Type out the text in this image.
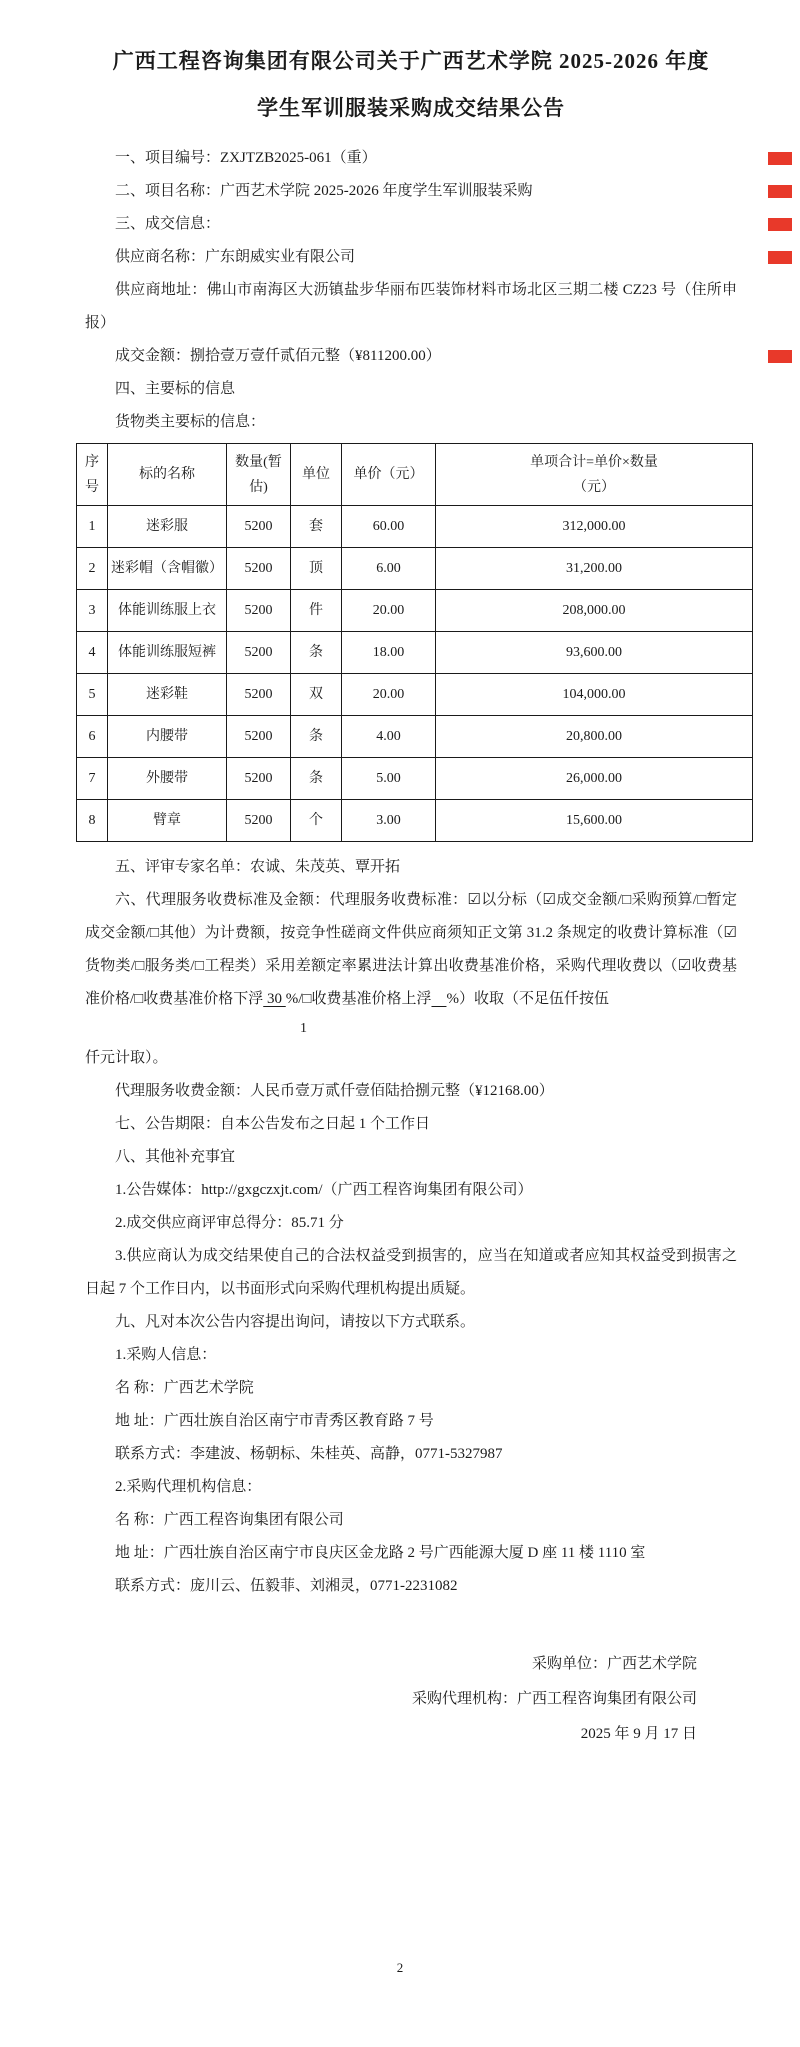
广西工程咨询集团有限公司关于广西艺术学院 2025-2026 年度
学生军训服装采购成交结果公告

一、项目编号：ZXJTZB2025-061（重）

二、项目名称：广西艺术学院 2025-2026 年度学生军训服装采购

三、成交信息：

供应商名称：广东朗威实业有限公司

供应商地址：佛山市南海区大沥镇盐步华丽布匹装饰材料市场北区三期二楼 CZ23 号（住所申报）

成交金额：捌拾壹万壹仟贰佰元整（¥811200.00）

四、主要标的信息

货物类主要标的信息：

序号	标的名称	数量(暂估)	单位	单价（元）	单项合计=单价×数量
（元）
1	迷彩服	5200	套	60.00	312,000.00
2	迷彩帽（含帽徽）	5200	顶	6.00	31,200.00
3	体能训练服上衣	5200	件	20.00	208,000.00
4	体能训练服短裤	5200	条	18.00	93,600.00
5	迷彩鞋	5200	双	20.00	104,000.00
6	内腰带	5200	条	4.00	20,800.00
7	外腰带	5200	条	5.00	26,000.00
8	臂章	5200	个	3.00	15,600.00

五、评审专家名单：农诚、朱茂英、覃开拓

六、代理服务收费标准及金额：代理服务收费标准：☑以分标（☑成交金额/□采购预算/□暂定成交金额/□其他）为计费额，按竞争性磋商文件供应商须知正文第 31.2 条规定的收费计算标准（☑货物类/□服务类/□工程类）采用差额定率累进法计算出收费基准价格，采购代理收费以（☑收费基准价格/□收费基准价格下浮 30 %/□收费基准价格上浮 %）收取（不足伍仟按伍

1

仟元计取）。

代理服务收费金额：人民币壹万贰仟壹佰陆拾捌元整（¥12168.00）

七、公告期限：自本公告发布之日起 1 个工作日

八、其他补充事宜

1.公告媒体：http://gxgczxjt.com/（广西工程咨询集团有限公司）

2.成交供应商评审总得分：85.71 分

3.供应商认为成交结果使自己的合法权益受到损害的，应当在知道或者应知其权益受到损害之日起 7 个工作日内，以书面形式向采购代理机构提出质疑。

九、凡对本次公告内容提出询问，请按以下方式联系。

1.采购人信息：

名 称：广西艺术学院

地 址：广西壮族自治区南宁市青秀区教育路 7 号

联系方式：李建波、杨朝标、朱桂英、高静，0771-5327987

2.采购代理机构信息：

名 称：广西工程咨询集团有限公司

地 址：广西壮族自治区南宁市良庆区金龙路 2 号广西能源大厦 D 座 11 楼 1110 室

联系方式：庞川云、伍毅菲、刘湘灵，0771-2231082

采购单位：广西艺术学院
采购代理机构：广西工程咨询集团有限公司
2025 年 9 月 17 日
2
